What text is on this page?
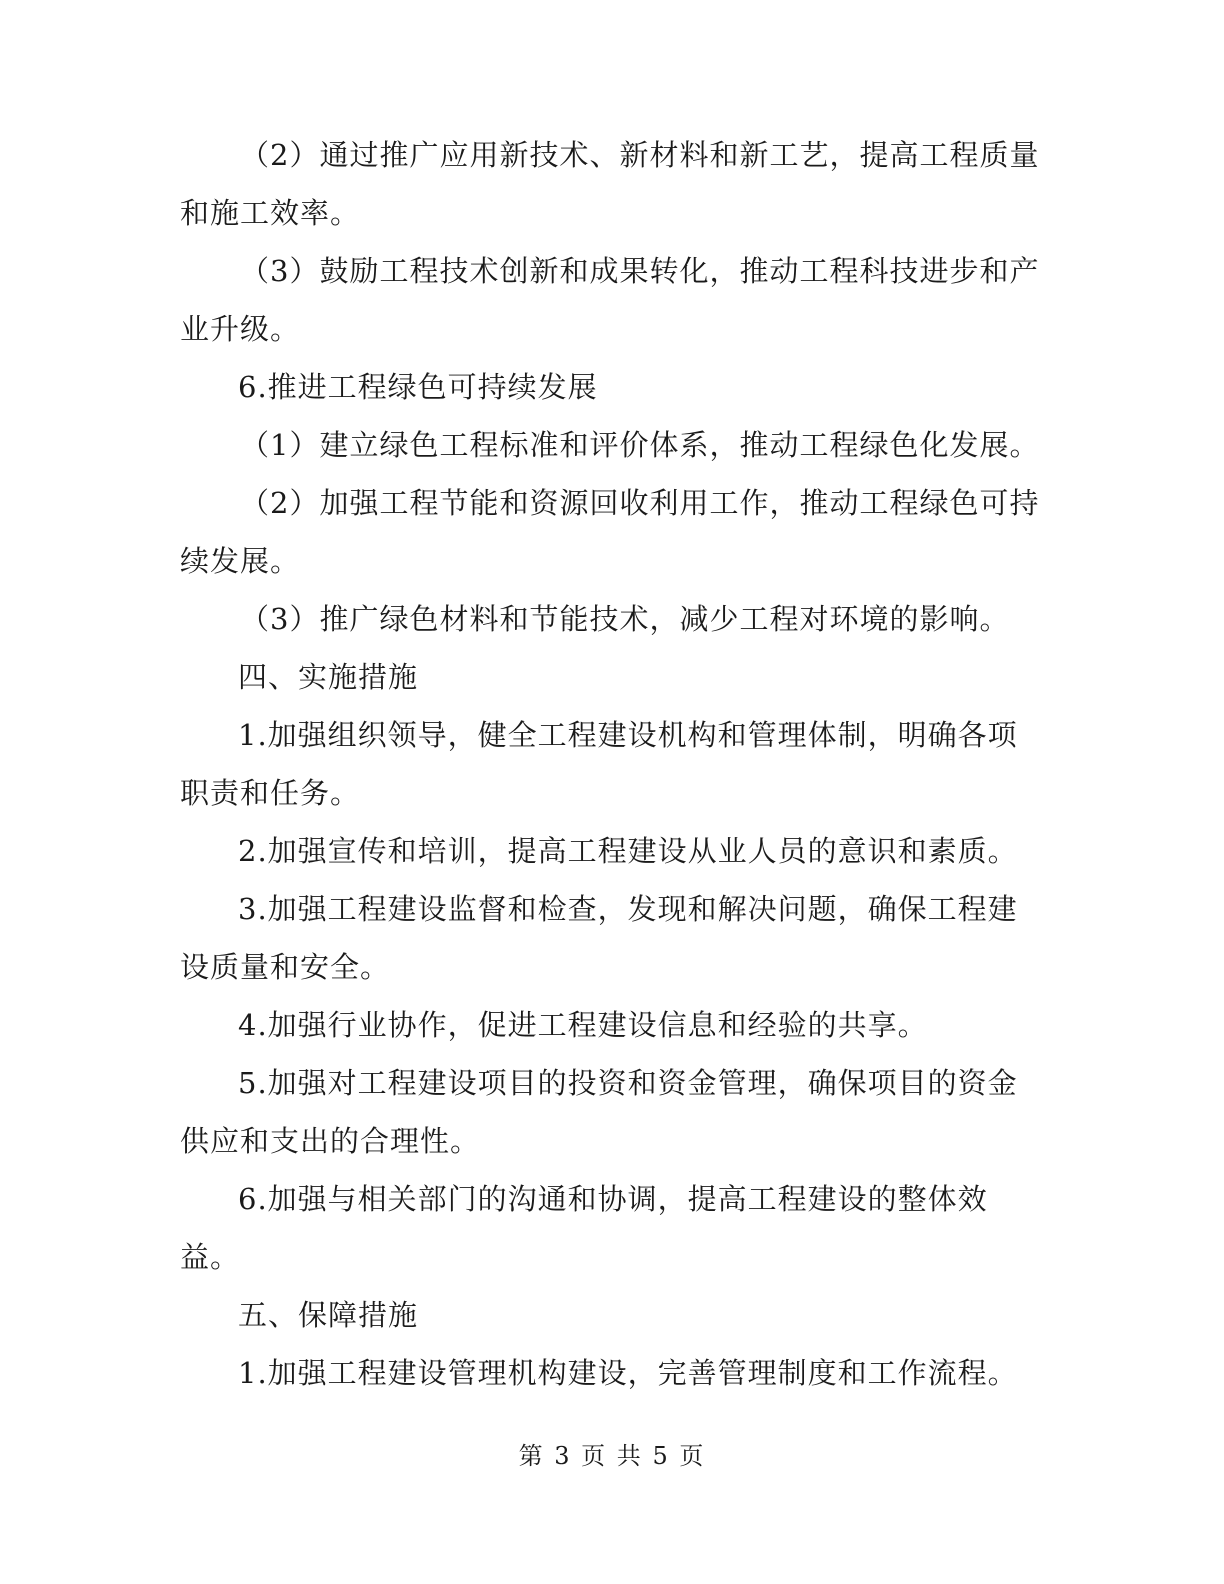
（2）通过推广应用新技术、新材料和新工艺，提高工程质量和施工效率。

（3）鼓励工程技术创新和成果转化，推动工程科技进步和产业升级。

6.推进工程绿色可持续发展

（1）建立绿色工程标准和评价体系，推动工程绿色化发展。

（2）加强工程节能和资源回收利用工作，推动工程绿色可持续发展。

（3）推广绿色材料和节能技术，减少工程对环境的影响。

四、实施措施

1.加强组织领导，健全工程建设机构和管理体制，明确各项职责和任务。

2.加强宣传和培训，提高工程建设从业人员的意识和素质。

3.加强工程建设监督和检查，发现和解决问题，确保工程建设质量和安全。

4.加强行业协作，促进工程建设信息和经验的共享。

5.加强对工程建设项目的投资和资金管理，确保项目的资金供应和支出的合理性。

6.加强与相关部门的沟通和协调，提高工程建设的整体效益。

五、保障措施

1.加强工程建设管理机构建设，完善管理制度和工作流程。

第 3 页 共 5 页
